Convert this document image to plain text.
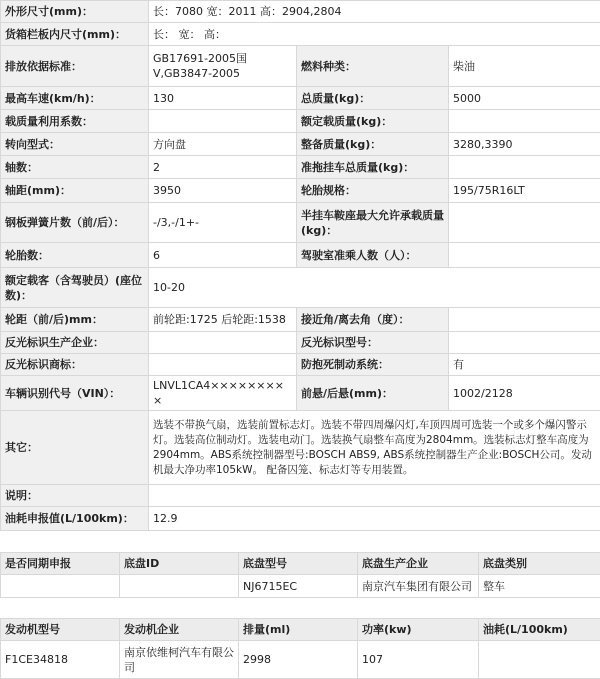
外形尺寸(mm)：	长：7080 宽：2011 高：2904,2804		
货箱栏板内尺寸(mm)：	长： 宽： 高：		
排放依据标准：	GB17691-2005国Ⅴ,GB3847-2005	燃料种类：	柴油
最高车速(km/h)：	130	总质量(kg)：	5000
载质量利用系数：		额定载质量(kg)：	
转向型式：	方向盘	整备质量(kg)：	3280,3390
轴数：	2	准拖挂车总质量(kg)：	
轴距(mm)：	3950	轮胎规格：	195/75R16LT
钢板弹簧片数（前/后）：	-/3,-/1+-	半挂车鞍座最大允许承载质量(kg)：	
轮胎数：	6	驾驶室准乘人数（人）：	
额定载客（含驾驶员）(座位数)：	10-20		
轮距（前/后)mm：	前轮距:1725 后轮距:1538	接近角/离去角（度）：	
反光标识生产企业：		反光标识型号：	
反光标识商标：		防抱死制动系统：	有
车辆识别代号（VIN）：	LNVL1CA4×××××××××	前悬/后悬(mm)：	1002/2128
其它：	选装不带换气扇，选装前置标志灯。选装不带四周爆闪灯,车顶四周可选装一个或多个爆闪警示灯。选装高位制动灯。选装电动门。选装换气扇整车高度为2804mm。选装标志灯整车高度为2904mm。ABS系统控制器型号:BOSCH ABS9, ABS系统控制器生产企业:BOSCH公司。发动机最大净功率105kW。 配备囚笼、标志灯等专用装置。		
说明：			
油耗申报值(L/100km)：	12.9		
是否同期申报	底盘ID	底盘型号	底盘生产企业	底盘类别
		NJ6715EC	南京汽车集团有限公司	整车
发动机型号	发动机企业	排量(ml)	功率(kw)	油耗(L/100km)
F1CE34818	南京依维柯汽车有限公司	2998	107	
